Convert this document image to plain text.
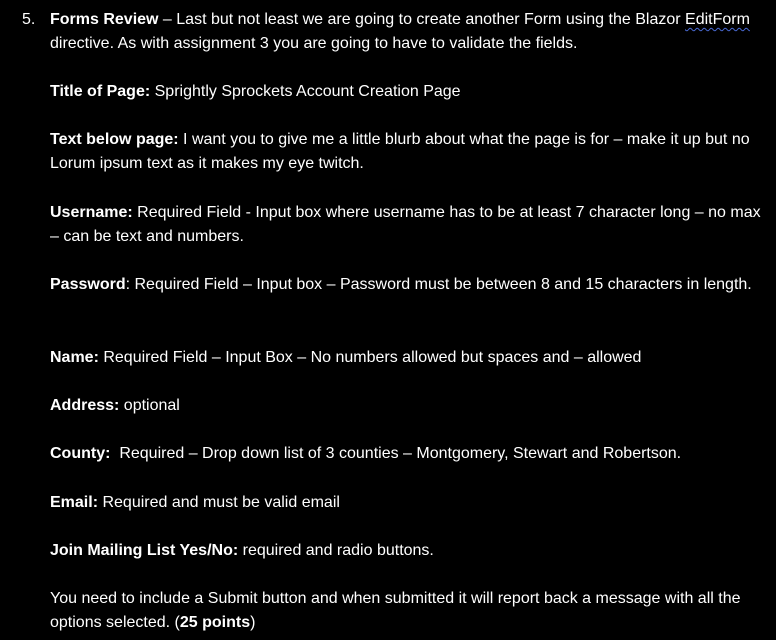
5. Forms Review – Last but not least we are going to create another Form using the Blazor EditForm directive. As with assignment 3 you are going to have to validate the fields.

Title of Page: Sprightly Sprockets Account Creation Page

Text below page: I want you to give me a little blurb about what the page is for – make it up but no Lorum ipsum text as it makes my eye twitch.

Username: Required Field - Input box where username has to be at least 7 character long – no max – can be text and numbers.

Password: Required Field – Input box – Password must be between 8 and 15 characters in length.

Name: Required Field – Input Box – No numbers allowed but spaces and – allowed

Address: optional

County:  Required – Drop down list of 3 counties – Montgomery, Stewart and Robertson.

Email: Required and must be valid email

Join Mailing List Yes/No: required and radio buttons.

You need to include a Submit button and when submitted it will report back a message with all the options selected. (25 points)
